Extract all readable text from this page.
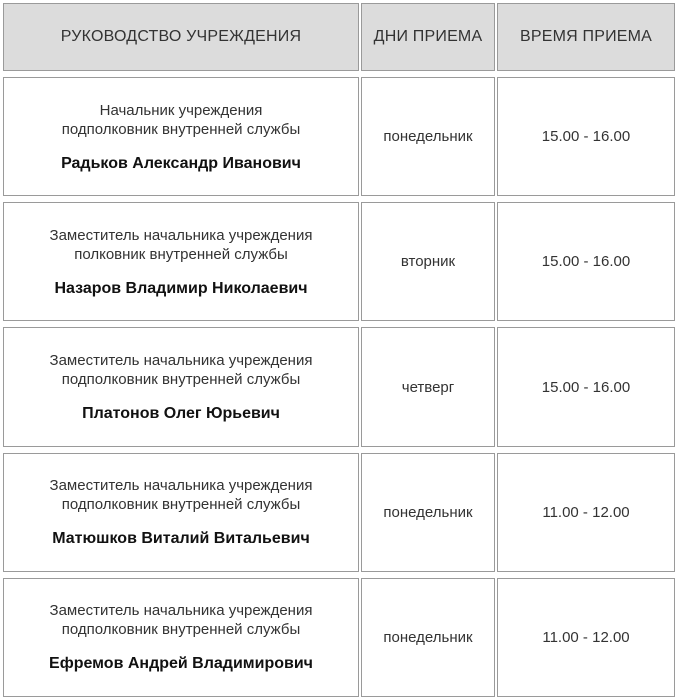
РУКОВОДСТВО УЧРЕЖДЕНИЯ	ДНИ ПРИЕМА	ВРЕМЯ ПРИЕМА

Начальник учреждения
подполковник внутренней службы
Радьков Александр Иванович	понедельник	15.00 - 16.00

Заместитель начальника учреждения
полковник внутренней службы
Назаров Владимир Николаевич	вторник	15.00 - 16.00

Заместитель начальника учреждения
подполковник внутренней службы
Платонов Олег Юрьевич	четверг	15.00 - 16.00

Заместитель начальника учреждения
подполковник внутренней службы
Матюшков Виталий Витальевич	понедельник	11.00 - 12.00

Заместитель начальника учреждения
подполковник внутренней службы
Ефремов Андрей Владимирович	понедельник	11.00 - 12.00
